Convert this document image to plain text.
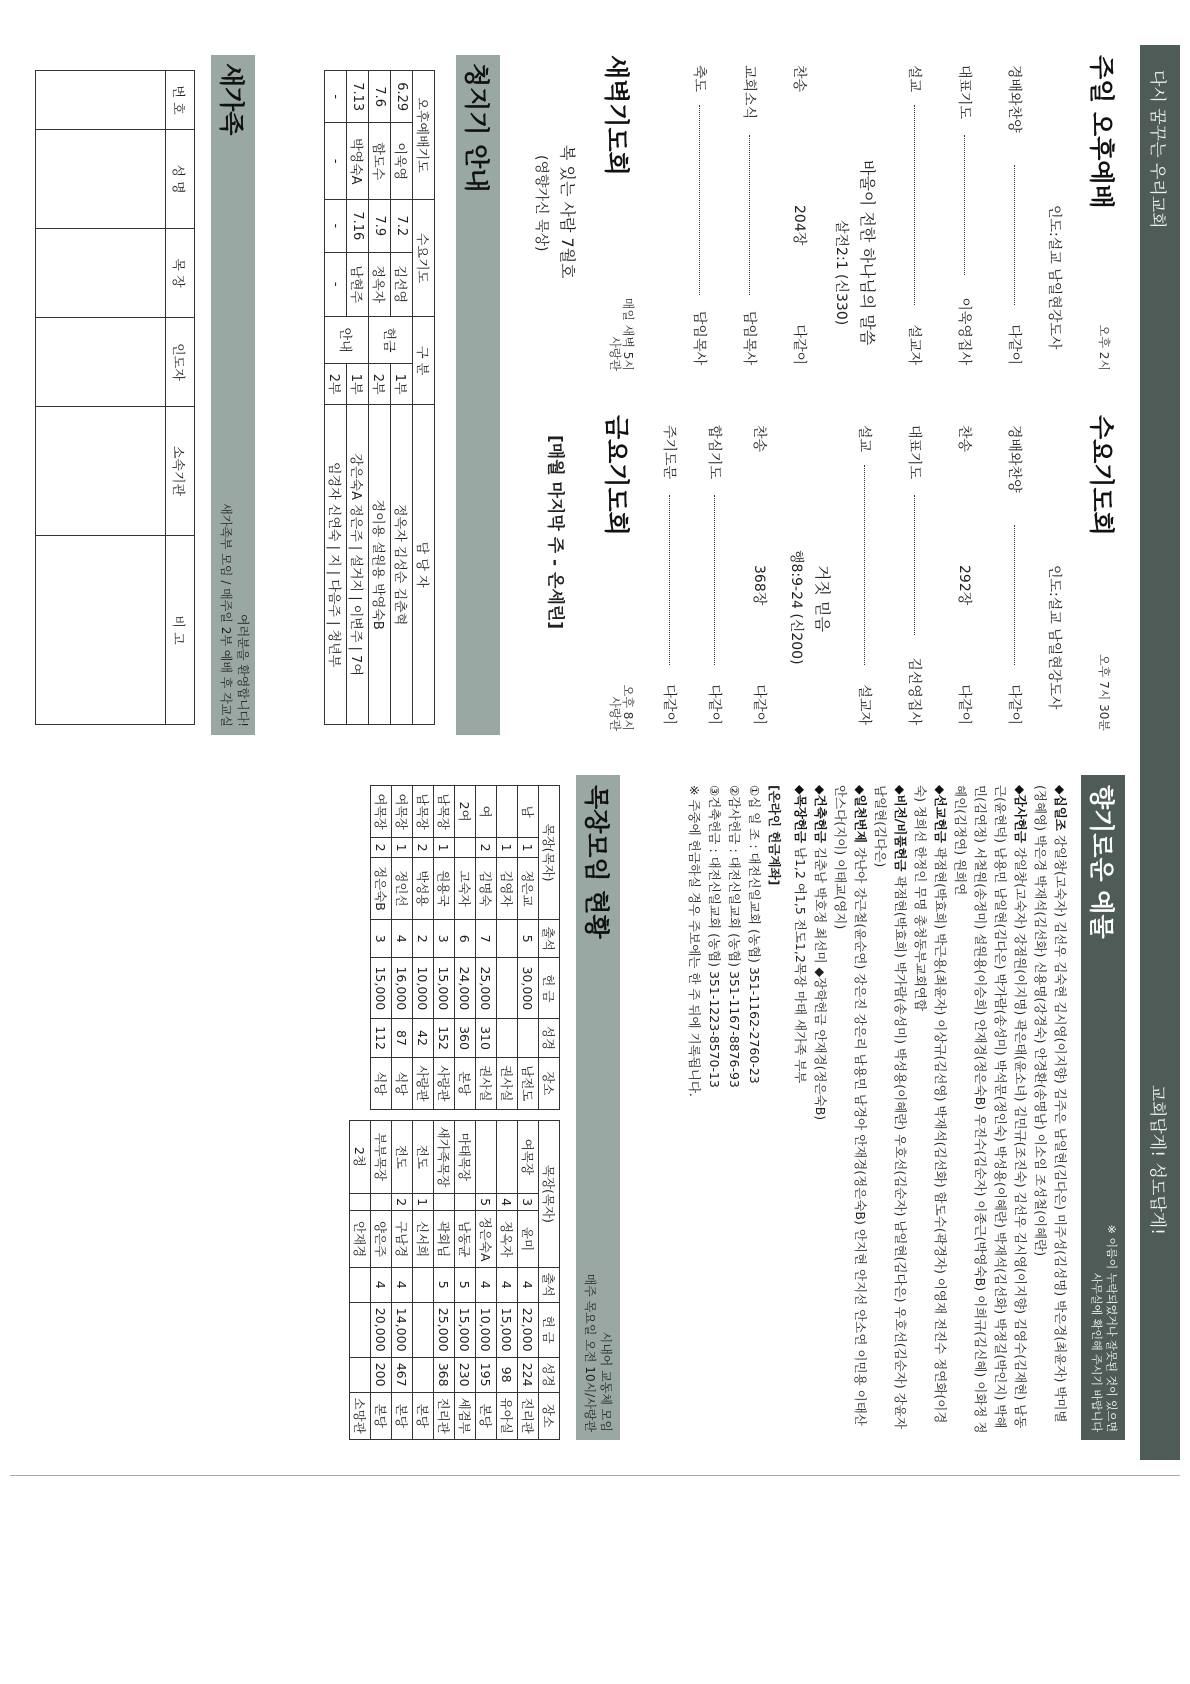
다시 꿈꾸는 우리교회
교회답게! 성도답게!
주일 오후예배
오후 2시
인도:설교 남일현강도사
경배와찬양
다같이
대표기도
이욱영집사
설교
설교자
바울이 전한 하나님의 말씀
살전2:1 (신330)
찬송
204장
다같이
교회소식
담임목사
축도
담임목사
수요기도회
오후 7시 30분
인도:설교 남일현강도사
경배와찬양
다같이
찬송
292장
다같이
대표기도
김선영집사
설교
설교자
거짓 믿음
행8:9-24 (신200)
찬송
368장
다같이
합심기도
다같이
주기도문
다같이
새벽기도회
매일 새벽 5시
사랑관
복 있는 사람 7월호
(영향가신 묵상)
금요기도회
오후 8시
사랑관
[매월 마지막 주 - 온세린]
청지기 안내
오후예배기도		수요기도		구 분		담 당 자
6.29	이욱영	7.2	김선영	헌금	1부	정옥자 김성순 김춘혁
7.6	함도수	7.9	정옥자		2부	정이용 설원용 박영숙B
7.13	박영숙A	7.16	남현주	안내	1부	강은숙A 정은주 | 설거지 | 이변주 | 7여
-	-	-	-		2부	임경자 신연숙 | 지 | 다음주 | 청년부
새가족
여러분을 환영합니다!
새가족부 모임 / 매주일 2부 예배 후 각교실
번 호	성 명	목 장	인도자	소속기관	비 고

향기로운 예물
※ 이름이 누락되었거나 잘못된 것이 있으면
사무실에 확인해 주시기 바랍니다
◆십일조 강일창(고숙자) 김선우 김숙현 김시영(이지향) 김주은 남일현(김다은) 미주성(김성명) 박은경(최윤자) 박미별(정혜영) 박은경 박재석(김선화) 신용명(강경숙) 안경환(송명남) 이소임 조성철(이혜란)
◆감사헌금 강일창(고숙자) 강점원(이지명) 곽은태(윤소녀) 김민규(조진숙) 김선우 김시영(이지향) 김영수(김재현) 남동근(윤현덕) 남용민 남일현(김다은) 박가람(송성미) 박석문(정인숙) 박성용(이혜란) 박재석(김선화) 박정길(박인지) 박해민(김연정) 서철원(송정미) 설원용(이승희) 안재경(정은숙B) 우진수(김순자) 이종근(박영숙B) 이희규(김신혜) 이화정 정혜인(김정연) 원희연
◆선교헌금 곽점현(박효희) 박근용(최윤자) 이상규(김선영) 박재석(김선화) 함도수(곽경자) 이영재 전진수 정연화(이경숙) 정희선 한정인 무명 총청동부교회연합
◆비전/비품헌금 곽점현(박효희) 박가람(송성미) 박성용(이혜란) 우호선(김순자) 남일현(김다은) 우호선(김순자) 강윤자 남일현(김다은)
◆일천번제 강난아 강근철(윤순연) 강은진 강은리 남용민 남경아 안재경(정은숙B) 안지현 안지선 안소연 이민용 이태산 안스다(지이) 이태교(영지)
◆건축헌금 김춘남 박호정 최선미 ◆장학헌금 안재경(정은숙B)
◆목장헌금 남1,2 여1,5 전도1,2목장 마태 새가족 부부
[온라인 헌금계좌]
①십 일 조 : 대전신일교회 (농협) 351-1162-2760-23
②감사헌금 : 대전신일교회 (농협) 351-1167-8876-93
③건축헌금 : 대전신일교회 (농협) 351-1223-8570-13
※ 주중에 헌금하실 경우 주보에는 한 주 뒤에 기록됩니다.
목장모임 현황
시내어 교동체 모임
매주 목요일 오전 10시/사랑관
목장(목자)			출석	헌 금	성경	장소
남	1	정은교	5	30,000		남전도
	1	김영자				권사실
여	2	김명숙	7	25,000	310	권사실
2여		고숙자	6	24,000	360	본당
남목장	1	원용국	3	15,000	152	사랑관
남목장	2	박성용	2	10,000	42	사랑관
여목장	1	정인선	4	16,000	87	식당
여목장	2	정은숙B	3	15,000	112	식당
목장(목자)			출석	헌 금	성경	장소
여목장	3	윤미	4	22,000	224	진리관
	4	정옥자	4	15,000	98	유아실
	5	정은숙A	4	10,000	195	본당
마태목장		남동균	5	15,000	230	세겸부
새가족목장		곽회님	5	25,000	368	진리관
전도	1	신서희				본당
전도	2	구남경	4	14,000	467	본당
부부목장		양은주	4	20,000	200	본당
2청		안재경				소망관
